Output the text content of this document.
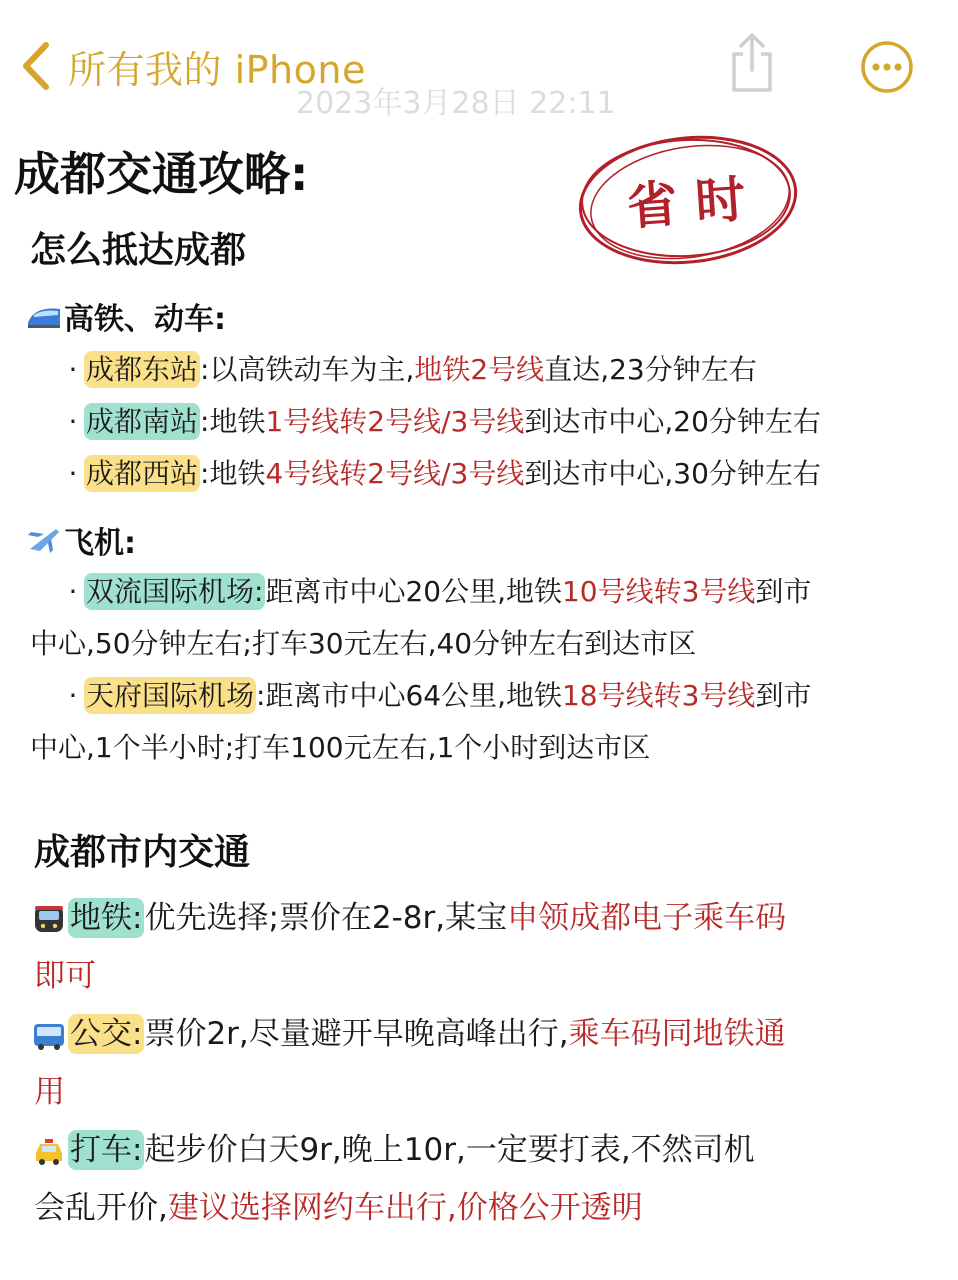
所有我的 iPhone
2023年3月28日 22:11
成都交通攻略:	省时
怎么抵达成都
高铁、动车:
· 成都东站:以高铁动车为主,地铁2号线直达,23分钟左右
· 成都南站:地铁1号线转2号线/3号线到达市中心,20分钟左右
· 成都西站:地铁4号线转2号线/3号线到达市中心,30分钟左右
飞机:
· 双流国际机场:距离市中心20公里,地铁10号线转3号线到市
中心,50分钟左右;打车30元左右,40分钟左右到达市区
· 天府国际机场:距离市中心64公里,地铁18号线转3号线到市
中心,1个半小时;打车100元左右,1个小时到达市区
成都市内交通
地铁:优先选择;票价在2-8r,某宝申领成都电子乘车码
即可
公交:票价2r,尽量避开早晚高峰出行,乘车码同地铁通
用
打车:起步价白天9r,晚上10r,一定要打表,不然司机
会乱开价,建议选择网约车出行,价格公开透明
